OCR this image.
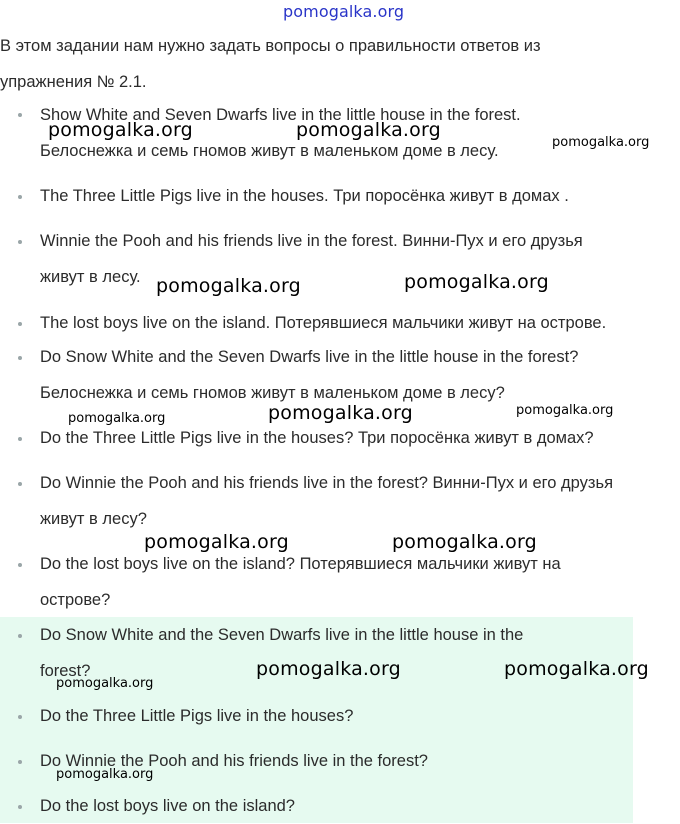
pomogalka.org

В этом задании нам нужно задать вопросы о правильности ответов из
упражнения № 2.1.

Show White and Seven Dwarfs live in the little house in the forest.
Белоснежка и семь гномов живут в маленьком доме в лесу.

The Three Little Pigs live in the houses. Три поросёнка живут в домах .

Winnie the Pooh and his friends live in the forest. Винни-Пух и его друзья
живут в лесу.

The lost boys live on the island. Потерявшиеся мальчики живут на острове.

Do Snow White and the Seven Dwarfs live in the little house in the forest?
Белоснежка и семь гномов живут в маленьком доме в лесу?

Do the Three Little Pigs live in the houses? Три поросёнка живут в домах?

Do Winnie the Pooh and his friends live in the forest? Винни-Пух и его друзья
живут в лесу?

Do the lost boys live on the island? Потерявшиеся мальчики живут на
острове?

Do Snow White and the Seven Dwarfs live in the little house in the
forest?

Do the Three Little Pigs live in the houses?

Do Winnie the Pooh and his friends live in the forest?

Do the lost boys live on the island?

pomogalka.org	pomogalka.org
pomogalka.org
pomogalka.org	pomogalka.org
pomogalka.org	pomogalka.org	pomogalka.org
pomogalka.org	pomogalka.org
pomogalka.org
pomogalka.org	pomogalka.org
pomogalka.org
